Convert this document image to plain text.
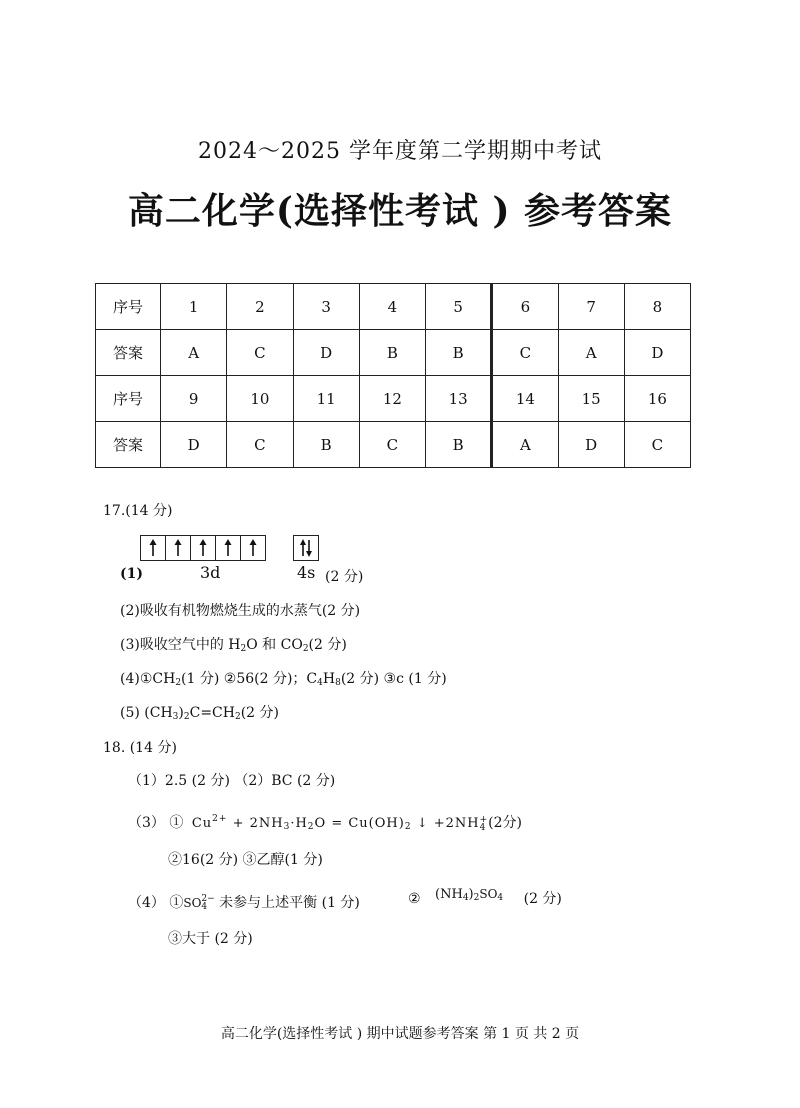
2024～2025 学年度第二学期期中考试
高二化学(选择性考试 ) 参考答案
序号	1	2	3	4	5	6	7	8
答案	A	C	D	B	B	C	A	D
序号	9	10	11	12	13	14	15	16
答案	D	C	B	C	B	A	D	C
17.(14 分)
(1)	3d	4s (2 分)
(2)吸收有机物燃烧生成的水蒸气(2 分)
(3)吸收空气中的 $H_2O$ 和 $CO_2(2$ 分)
$(4)①CH_2(1$ 分) ②56(2 分)；$C_4H_8(2$ 分) ③c (1 分)
(5) $(CH_3)_2C=CH_2(2$ 分)
18. (14 分)
（1）2.5 (2 分) （2）BC (2 分)
（3） ① $Cu^{2+} + 2NH_3\cdot H_2O = Cu(OH)_2$ ↓ +2NH +
4 (2分)
②16(2 分) ③乙醇(1 分)
（4） ①SO 2−
4 未参与上述平衡 (1 分)	② $(NH_4)_2SO_4$ (2 分)
③大于 (2 分)
高二化学(选择性考试 ) 期中试题参考答案 第 1 页 共 2 页
